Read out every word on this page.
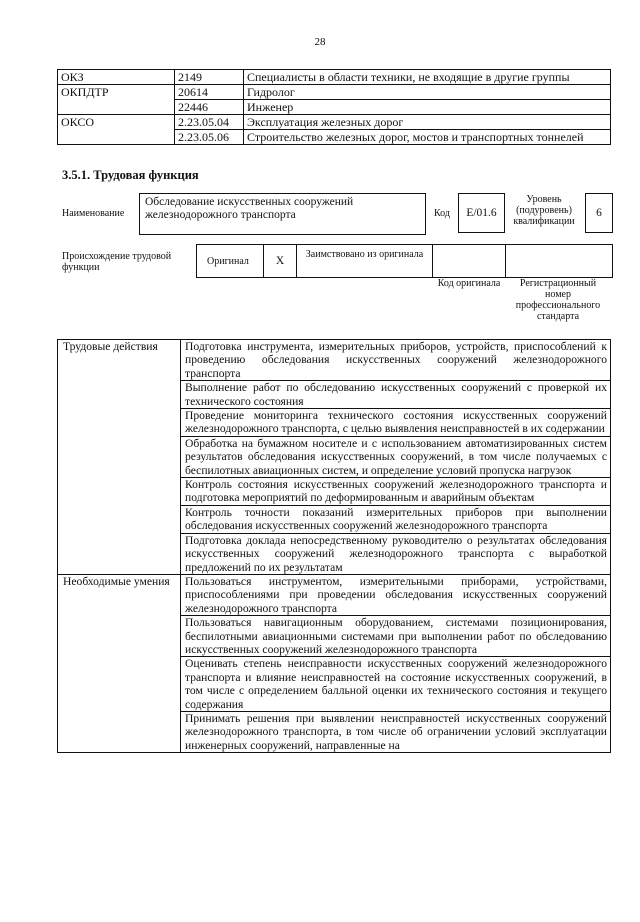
28
ОКЗ	2149	Специалисты в области техники, не входящие в другие группы
ОКПДТР	20614	Гидролог
	22446	Инженер
ОКСО	2.23.05.04	Эксплуатация железных дорог
	2.23.05.06	Строительство железных дорог, мостов и транспортных тоннелей
3.5.1. Трудовая функция
Наименование
Обследование искусственных сооружений железнодорожного транспорта	Код E/01.6
Уровень (подуровень) квалификации
6
Происхождение трудовой функции
Оригинал X Заимствовано из оригинала
Код оригинала	Регистрационный номер профессионального стандарта
Трудовые действия	Подготовка инструмента, измерительных приборов, устройств, приспособлений к проведению обследования искусственных сооружений железнодорожного транспорта
	Выполнение работ по обследованию искусственных сооружений с проверкой их технического состояния
	Проведение мониторинга технического состояния искусственных сооружений железнодорожного транспорта, с целью выявления неисправностей в их содержании
	Обработка на бумажном носителе и с использованием автоматизированных систем результатов обследования искусственных сооружений, в том числе получаемых с беспилотных авиационных систем, и определение условий пропуска нагрузок
	Контроль состояния искусственных сооружений железнодорожного транспорта и подготовка мероприятий по деформированным и аварийным объектам
	Контроль точности показаний измерительных приборов при выполнении обследования искусственных сооружений железнодорожного транспорта
	Подготовка доклада непосредственному руководителю о результатах обследования искусственных сооружений железнодорожного транспорта с выработкой предложений по их результатам
Необходимые умения	Пользоваться инструментом, измерительными приборами, устройствами, приспособлениями при проведении обследования искусственных сооружений железнодорожного транспорта
	Пользоваться навигационным оборудованием, системами позиционирования, беспилотными авиационными системами при выполнении работ по обследованию искусственных сооружений железнодорожного транспорта
	Оценивать степень неисправности искусственных сооружений железнодорожного транспорта и влияние неисправностей на состояние искусственных сооружений, в том числе с определением балльной оценки их технического состояния и текущего содержания
	Принимать решения при выявлении неисправностей искусственных сооружений железнодорожного транспорта, в том числе об ограничении условий эксплуатации инженерных сооружений, направленные на
